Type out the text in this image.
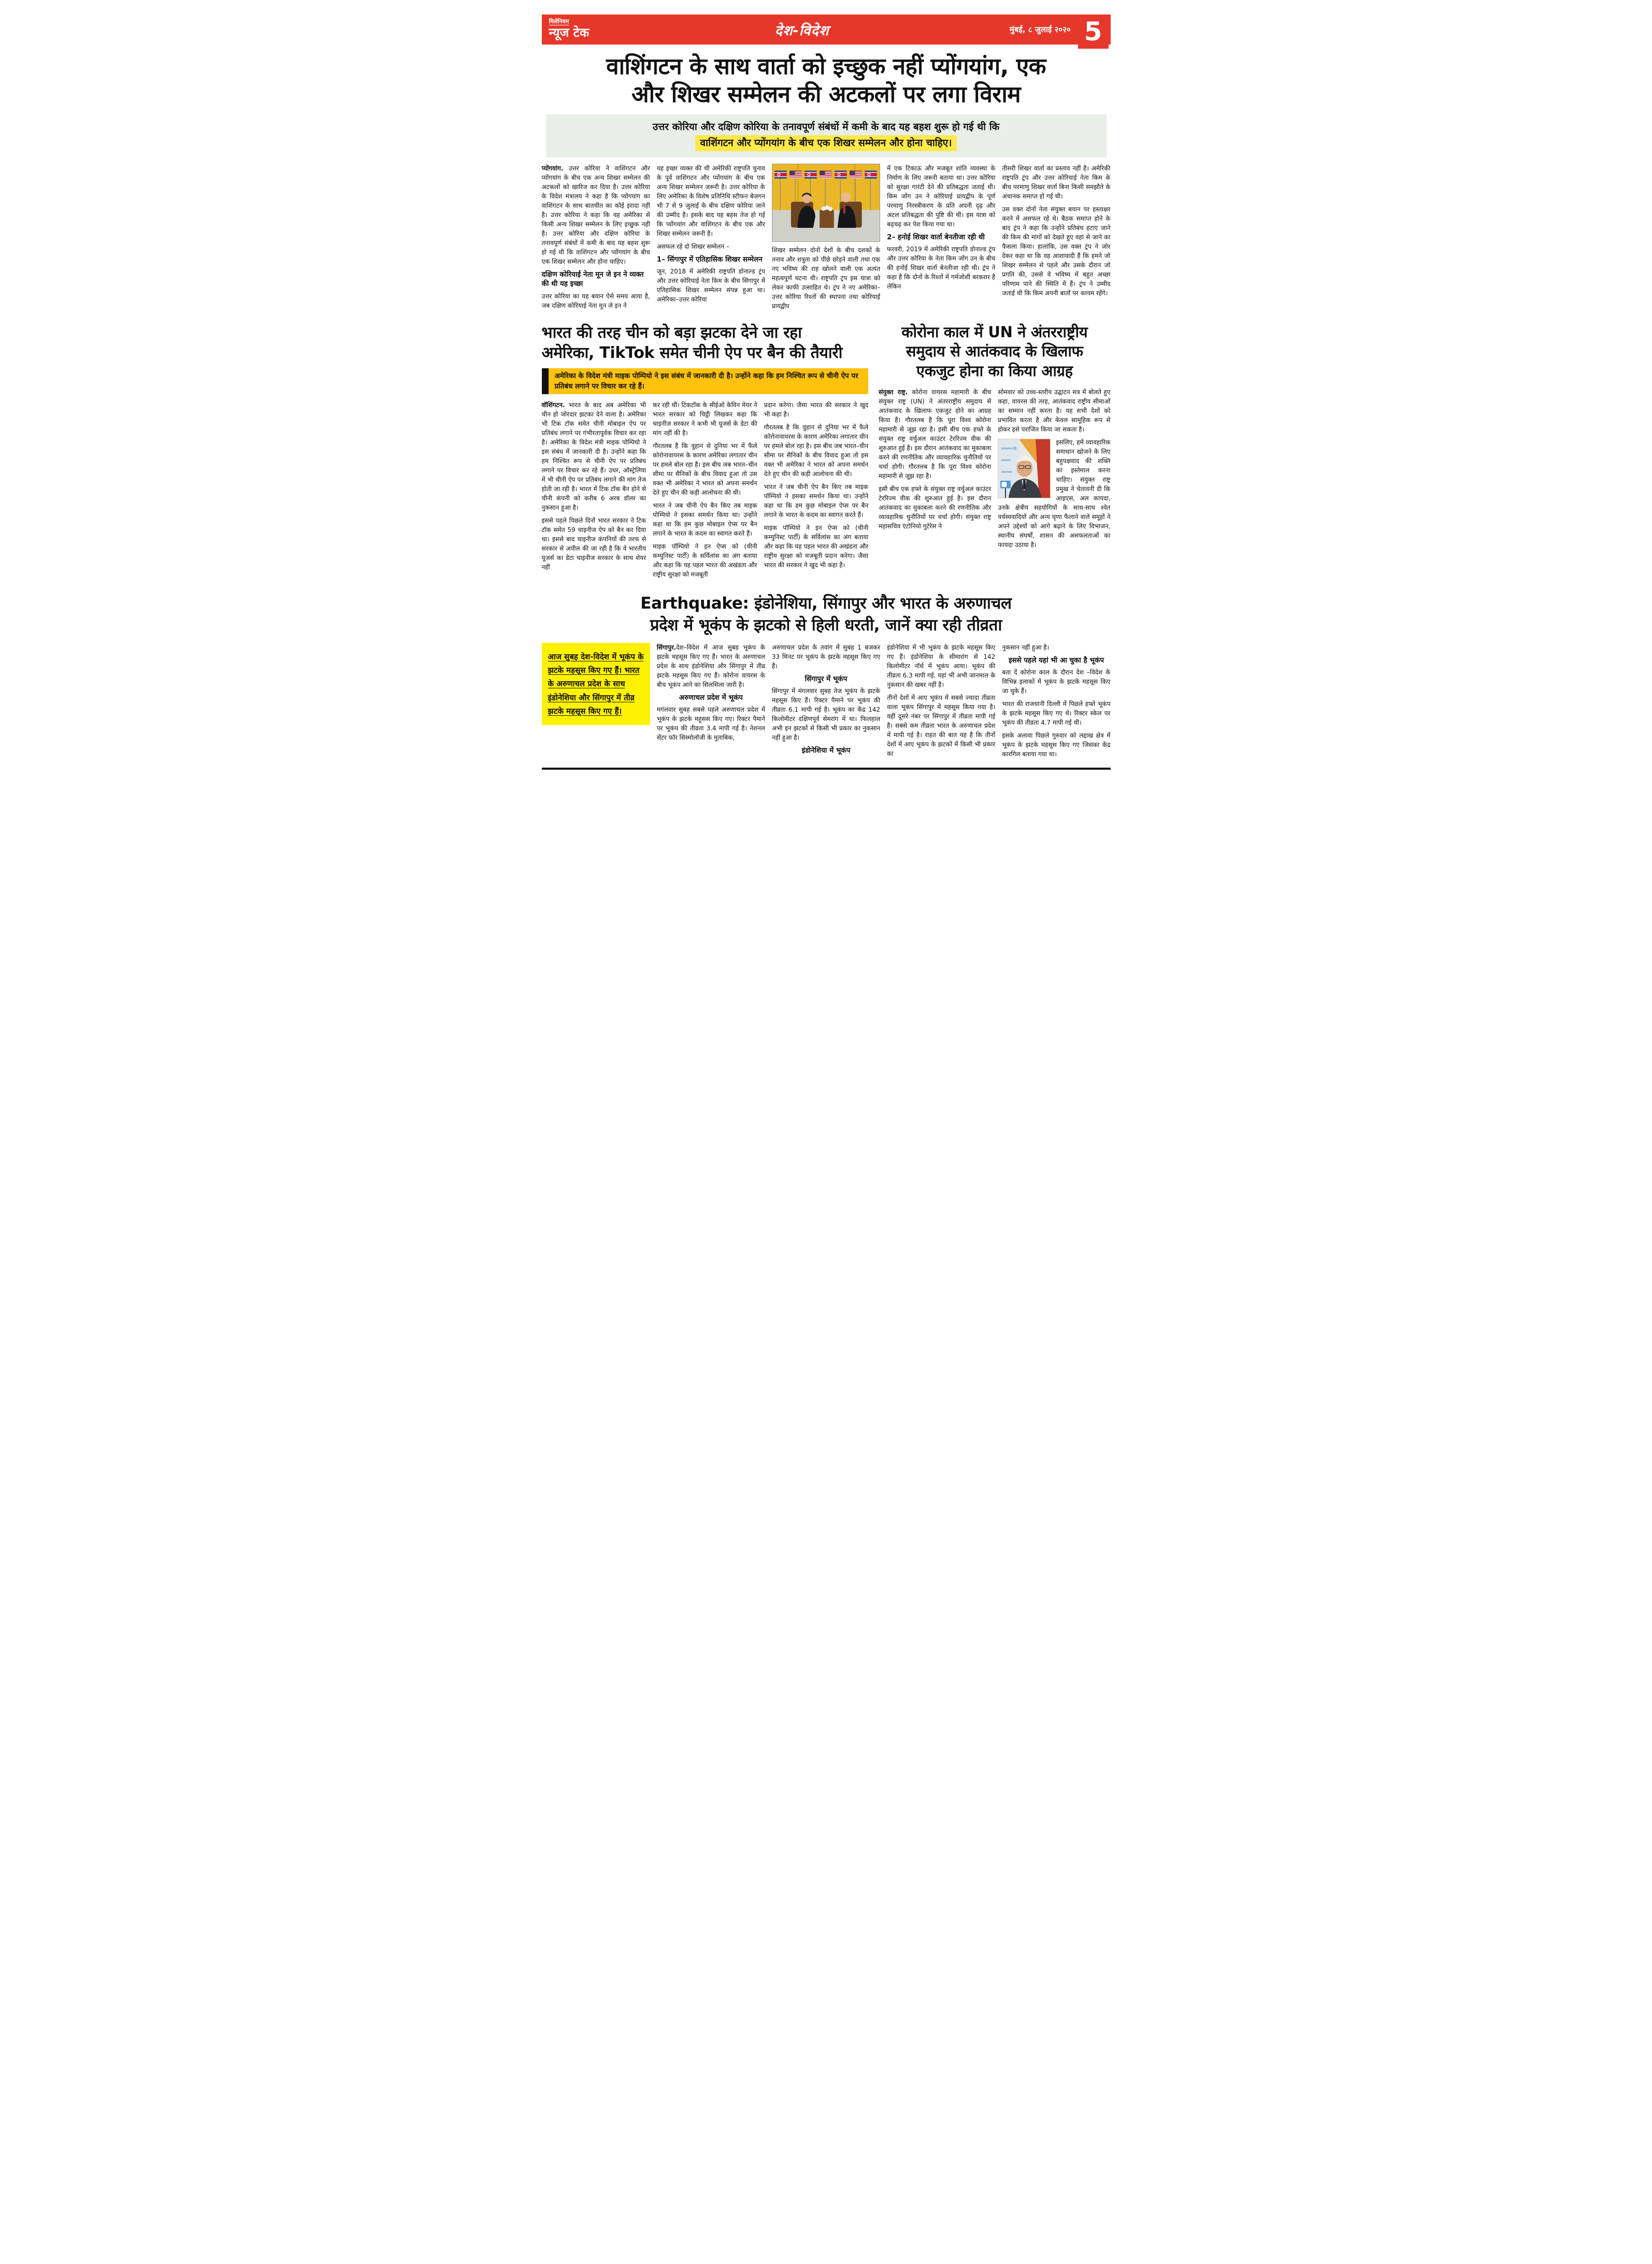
मिलेनियम
न्यूज टेक	देश-विदेश	मुंबई, ८ जुलाई २०२० 5
वाशिंगटन के साथ वार्ता को इच्छुक नहीं प्योंगयांग, एक
और शिखर सम्मेलन की अटकलों पर लगा विराम
उत्तर कोरिया और दक्षिण कोरिया के तनावपूर्ण संबंधों में कमी के बाद यह बहश शुरू हो गई थी कि
वाशिंगटन और प्योंगयांग के बीच एक शिखर सम्मेलन और होना चाहिए।

प्योंगयांग. उत्तर कोरिया ने वाशिंगटन और प्योंगयांग के बीच एक अन्य शिखर सम्मेलन की अटकलों को खारिज कर दिया है। उत्तर कोरिया के विदेश मंत्रालय ने कहा है कि प्योंगयांग का वाशिंगटन के साथ बातचीत का कोई इरादा नहीं है। उत्तर कोरिया ने कहा कि वह अमेरिका से किसी अन्य शिखर सम्मेलन के लिए इच्छुक नहीं है। उत्तर कोरिया और दक्षिण कोरिया के तनावपूर्ण संबंधों में कमी के बाद यह बहश शुरू हो गई थी कि वाशिंगटन और प्योंगयांग के बीच एक शिखर सम्मेलन और होना चाहिए।

दक्षिण कोरियाई नेता मून जे इन ने व्यक्त की थी यह इच्छा

उत्तर कोरिया का यह बयान ऐसे समय आया है, जब दक्षिण कोरियाई नेता मून जे इन ने

यह इच्छा व्यक्त की थी अमेरिकी राष्ट्रपति चुनाव के पूर्व वाशिंगटन और प्योंगयांग के बीच एक अन्य शिखर सम्मेलन जरूरी है। उत्तर कोरिया के लिए अमेरिका के विशेष प्रतिनिधि स्टीफन बेजगन भी 7 से 9 जुलाई के बीच दक्षिण कोरिया जाने की उम्मीद है। इसके बाद यह बहस तेज हो गई कि प्योंगयांग और वाशिंगटन के बीच एक और शिखर सम्मेलन जरूरी है।

असफल रहे दो शिखर सम्मेलन –

1– सिंगापुर में एतिहासिक शिखर सम्मेलन

जून, 2018 में अमेरिकी राष्ट्रपति डोनाल्ड ट्रंप और उत्तर कोरियाई नेता किम के बीच सिंगापुर में एतिहासिक शिखर सम्मेलन संपन्न हुआ था। अमेरिका–उत्तर कोरिया

शिखर सम्मेलन दोनों देशों के बीच दशकों के तनाव और शत्रुता को पीछे छोड़ने वाली तथा एक नए भविष्य की राह खोलने वाली एक अत्यंत महत्वपूर्ण घटना थी। राष्ट्रपति ट्रंप इस यात्रा को लेकर काफी उत्साहित थे। ट्रंप ने नए अमेरिका–उत्तर कोरिया रिश्तों की स्थापना तथा कोरियाई प्रायद्वीप

में एक टिकाऊ और मजबूत शांति व्यवस्था के निर्माण के लिए जरूरी बताया था। उत्तर कोरिया को सुरक्षा गारंटी देने की प्रतिबद्धता जताई थी। किम जोंग उन ने कोरियाई प्रायद्वीप के पूर्ण परमाणु निरस्त्रीकरण के प्रति अपनी दृढ़ और अटल प्रतिबद्धता की पुष्टि की थी। इस यात्रा को बढ़चढ़ कर पेश किया गया था।

2– हनोई शिखर वार्ता बेनतीजा रही थी

फरवरी, 2019 में अमेरिकी राष्ट्रपति डोनाल्ड ट्रंप और उत्तर कोरिया के नेता किम जोंग उन के बीच की हनोई शिखर वार्ता बेनतीजा रही थी। ट्रंप ने कहा है कि दोनों के रिश्तों में गर्मजोशी बरकरार है लेकिन

तीसरी शिखर वार्ता का प्रस्ताव नहीं है। अमेरिकी राष्ट्रपति ट्रंप और उत्तर कोरियाई नेता किम के बीच परमाणु शिखर वार्ता बिना किसी समझौते के अचानक समाप्त हो गई थी।

उस वक्त दोनों नेता संयुक्त बयान पर हस्ताक्षर करने में असफल रहे थे। बैठक समाप्त होने के बाद ट्रंप ने कहा कि उन्होंने प्रतिबंध हटाए जाने की किम की मांगों को देखते हुए वहां से जाने का फैसला किया। हालांकि, उस वक्त ट्रंप ने जोर देकर कहा था कि वह आशावादी हैं कि हमने जो शिखर सम्मेलन से पहले और उसके दौरान जो प्रगति की, उससे वे भविष्य में बहुत अच्छा परिणाम पाने की स्थिति में हैं। ट्रंप ने उम्मीद जताई थी कि किम अपनी बातों पर कायम रहेंगे।

भारत की तरह चीन को बड़ा झटका देने जा रहा
अमेरिका, TikTok समेत चीनी ऐप पर बैन की तैयारी
अमेरिका के विदेश मंत्री माइक पोम्पियो ने इस संबंध में जानकारी दी है। उन्होंने कहा कि हम निश्चित रूप से चीनी ऐप पर प्रतिबंध लगाने पर विचार कर रहे हैं।

वॉशिंगटन. भारत के बाद अब अमेरिका भी चीन हो जोरदार झटका देने वाला है। अमेरिका भी टिक टॉक समेत चीनी मोबाइल ऐप पर प्रतिबंध लगाने पर गंभीरतापूर्वक विचार कर रहा है। अमेरिका के विदेश मंत्री माइक पोम्पियो ने इस संबंध में जानकारी दी है। उन्होंने कहा कि हम निश्चित रूप से चीनी ऐप पर प्रतिबंध लगाने पर विचार कर रहे हैं। उधर, ऑस्ट्रेलिया में भी चीनी ऐप पर प्रतिबंध लगाने की मांग तेज होती जा रही है। भारत में टिक टॉक बैन होने से चीनी कंपनी को करीब 6 अरब डॉलर का नुकसान हुआ है।

इससे पहले पिछले दिनों भारत सरकार ने टिक टॉक समेत 59 चाइनीज ऐप को बैन कर दिया था। इससे बाद चाइनीज कंपनियों की तरफ से सरकार से अपील की जा रही है कि वे भारतीय यूजर्स का डेटा चाइनीज सरकार के साथ शेयर नहीं

कर रही थीं। टिकटॉक के सीईओ केविन मेयर ने भारत सरकार को चिट्ठी लिखकर कहा कि चाइनीज सरकार ने कभी भी यूजर्स के डेटा की मांग नहीं की है।

गौरतलब है कि वुहान से दुनिया भर में फैले कोरोनावायरस के कारण अमेरिका लगातार चीन पर हमले बोल रहा है। इस बीच जब भारत–चीन सीमा पर सैनिकों के बीच विवाद हुआ तो उस वक्त भी अमेरिका ने भारत को अपना समर्थन देते हुए चीन की कड़ी आलोचना की थी।

भारत ने जब चीनी ऐप बैन किए तब माइक पोम्पियो ने इसका समर्थन किया था। उन्होंने कहा था कि हम कुछ मोबाइल ऐप्स पर बैन लगाने के भारत के कदम का स्वागत करते हैं।

माइक पॉम्पियो ने इन ऐप्स को (चीनी कम्युनिस्ट पार्टी) के सर्विलांस का अंग बताया और कहा कि यह पहल भारत की अखंडता और राष्ट्रीय सुरक्षा को मजबूती

प्रदान करेगा। जैसा भारत की सरकार ने खुद भी कहा है।

गौरतलब है कि वुहान से दुनिया भर में फैले कोरोनावायरस के कारण अमेरिका लगातार चीन पर हमले बोल रहा है। इस बीच जब भारत–चीन सीमा पर सैनिकों के बीच विवाद हुआ तो इस वक्त भी अमेरिका ने भारत को अपना समर्थन देते हुए चीन की कड़ी आलोचना की थी।

भारत ने जब चीनी ऐप बैन किए तब माइक पॉम्पियो ने इसका समर्थन किया था। उन्होंने कहा था कि हम कुछ मोबाइल ऐप्स पर बैन लगाने के भारत के कदम का स्वागत करते हैं।

माइक पॉम्पियो ने इन ऐप्स को (चीनी कम्युनिस्ट पार्टी) के सर्विलांस का अंग बताया और कहा कि यह पहल भारत की अखंडता और राष्ट्रीय सुरक्षा को मजबूती प्रदान करेगा। जैसा भारत की सरकार ने खुद भी कहा है।

कोरोना काल में UN ने अंतरराष्ट्रीय
समुदाय से आतंकवाद के खिलाफ
एकजुट होना का किया आग्रह

संयुक्त राष्ट्र. कोरोना वायरस महामारी के बीच संयुक्त राष्ट्र (UN) ने अंतरराष्ट्रीय समुदाय से आतंकवाद के खिलाफ एकजुट होने का आग्रह किया है। गौरतलब है कि पूरा विश्व कोरोना महामारी से जूझ रहा है। इसी बीच एक हफ्ते के संयुक्त राष्ट्र वर्चुअल काउंटर टेररिज्म वीक की शुरुआत हुई है। इस दौरान आतंकवाद का मुकाबला करने की रणनीतिक और व्यावहारिक चुनौतियों पर चर्चा होगी। गौरतलब है कि पूरा विश्व कोरोना महामारी से जूझ रहा है।

इसी बीच एक हफ्ते के संयुक्त राष्ट्र वर्चुअल काउंटर टेररिज्म वीक की शुरुआत हुई है। इस दौरान आतंकवाद का मुकाबला करने की रणनीतिक और व्यावहारिक चुनौतियों पर चर्चा होगी। संयुक्त राष्ट्र महासचिव एंटोनियो गुटेरेस ने

सोमवार को उच्च-स्तरीय उद्घाटन सत्र में बोलते हुए कहा, वायरस की तरह, आतंकवाद राष्ट्रीय सीमाओं का सम्मान नहीं करता है। यह सभी देशों को प्रभावित करता है और केवल सामूहिक रूप से होकर इसे पराजित किया जा सकता है।

इसलिए, हमें व्यावहारिक समाधान खोजने के लिए बहुपक्षवाद की शक्ति का इस्तेमाल करना चाहिए। संयुक्त राष्ट्र प्रमुख ने चेतावनी दी कि आइएस, अल कायदा, उनके क्षेत्रीय सहयोगियों के साथ-साथ श्वेत वर्चस्ववादियों और अन्य घृणा फैलाने वाले समूहों ने अपने उद्देश्यों को आगे बढ़ाने के लिए विभाजन, स्थानीय संघर्षों, शासन की असफलताओं का फायदा उठाया है।

Earthquake: इंडोनेशिया, सिंगापुर और भारत के अरुणाचल
प्रदेश में भूकंप के झटको से हिली धरती, जानें क्या रही तीव्रता
आज सुबह देश-विदेश में भूकंप के झटके महसूस किए गए हैं। भारत के अरुणाचल प्रदेश के साथ इंडोनेशिया और सिंगापुर में तीव्र झटके महसूस किए गए हैं।

सिंगापुर.देश–विदेश में आज सुबह भूकंप के झटके महसूस किए गए हैं। भारत के अरुणाचल प्रदेश के साथ इंडोनेशिया और सिंगापुर में तीव्र झटके महसूस किए गए हैं। कोरोना वायरस के बीच भूकंप आने का सिलसिला जारी है।

अरुणाचल प्रदेश में भूकंप

मगंलवार सुबह सबसे पहले अरुणाचल प्रदेश में भूकंप के झटके महूसस किए गए। रिक्टर पैमाने पर भूकंप की तीव्रता 3.4 मापी गई है। नेशनल सेंटर फॉर सिस्मोलॉजी के मुताबिक,

अरुणाचल प्रदेश के तवांग में सुबह 1 बजकर 33 मिनट पर भूकंप के झटके महसूस किए गए हैं।

सिंगापुर में भूकंप

सिंगापुर में मंगलवार सुबह तेज भूकंप के झटके महसूस किए हैं। रिक्टर पैमाने पर भूकंप की तीव्रता 6.1 मापी गई है। भूकंप का केंद्र 142 किलोमीटर दक्षिणपूर्व सेमरांग में था। फिलहाल अभी इन झटकों से किसी भी प्रकार का नुकसान नहीं हुआ है।

इंडोनेशिया में भूकंप

इंडोनेशिया में भी भूकंप के झटके महसूस किए गए हैं। इंडोनेशिया के सीमारांग से 142 किलोमीटर नॉर्थ में भूकंप आया। भूकंप की तीव्रता 6.3 मापी गई. यहां भी अभी जानमाल के नुकसान की खबर नहीं है।

तीनों देशों में आए भूकंप में सबसे ज्यादा तीव्रता वाला भूकंप सिंगापुर में महसूस किया गया है। वहीं दूसरे नंबर पर सिंगापुर में तीव्रता मापी गई है। सबसे कम तीव्रता भारत के अरुणाचल प्रदेश में मापी गई है। राहत की बात यह है कि तीनों देशों में आए भूकंप के झटकों में किसी भी प्रकार का

नुकसान नहीं हुआ है।

इससे पहले यहां भी आ चुका है भूकंप

बता दें कोरोना काल के दौरान देश –विदेश के विभिन्न इलाकों में भूकंप के झटके महसूस किए जा चुके हैं।

भारत की राजधानी दिल्ली में पिछले हफ्ते भूकंप के झटके महसूस किए गए थे। रिक्टर स्केल पर भूकंप की तीव्रता 4.7 मापी गई थी।

इसके अलावा पिछले गुरुवार को लद्दाख क्षेत्र में भूकंप के झटके महसूस किए गए जिसका केंद्र कारगिल बताया गया था।
